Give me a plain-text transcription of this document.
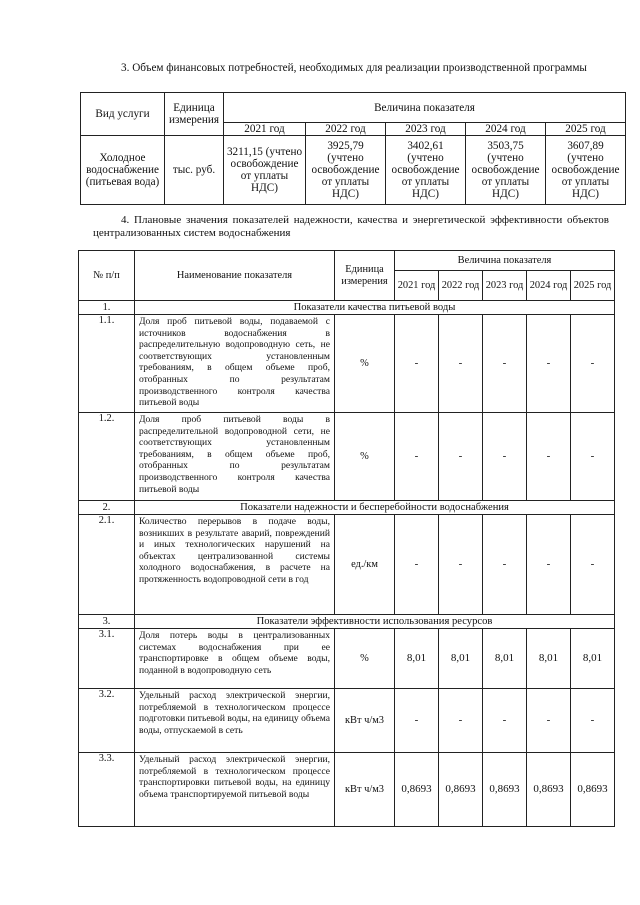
3. Объем финансовых потребностей, необходимых для реализации производственной программы

Вид услуги	Единица измерения	Величина показателя				
		2021 год	2022 год	2023 год	2024 год	2025 год
Холодное водоснабжение (питьевая вода)	тыс. руб.	3211,15 (учтено освобождение от уплаты НДС)	3925,79 (учтено освобождение от уплаты НДС)	3402,61 (учтено освобождение от уплаты НДС)	3503,75 (учтено освобождение от уплаты НДС)	3607,89 (учтено освобождение от уплаты НДС)

4. Плановые значения показателей надежности, качества и энергетической эффективности объектов централизованных систем водоснабжения

№ п/п	Наименование показателя	Единица измерения	Величина показателя				
			2021 год	2022 год	2023 год	2024 год	2025 год
1.	Показатели качества питьевой воды						
1.1.	Доля проб питьевой воды, подаваемой с источников водоснабжения в распределительную водопроводную сеть, не соответствующих установленным требованиям, в общем объеме проб, отобранных по результатам производственного контроля качества питьевой воды	%	-	-	-	-	-
1.2.	Доля проб питьевой воды в распределительной водопроводной сети, не соответствующих установленным требованиям, в общем объеме проб, отобранных по результатам производственного контроля качества питьевой воды	%	-	-	-	-	-
2.	Показатели надежности и бесперебойности водоснабжения						
2.1.	Количество перерывов в подаче воды, возникших в результате аварий, повреждений и иных технологических нарушений на объектах централизованной системы холодного водоснабжения, в расчете на протяженность водопроводной сети в год	ед./км	-	-	-	-	-
3.	Показатели эффективности использования ресурсов						
3.1.	Доля потерь воды в централизованных системах водоснабжения при ее транспортировке в общем объеме воды, поданной в водопроводную сеть	%	8,01	8,01	8,01	8,01	8,01
3.2.	Удельный расход электрической энергии, потребляемой в технологическом процессе подготовки питьевой воды, на единицу объема воды, отпускаемой в сеть	кВт ч/м3	-	-	-	-	-
3.3.	Удельный расход электрической энергии, потребляемой в технологическом процессе транспортировки питьевой воды, на единицу объема транспортируемой питьевой воды	кВт ч/м3	0,8693	0,8693	0,8693	0,8693	0,8693
